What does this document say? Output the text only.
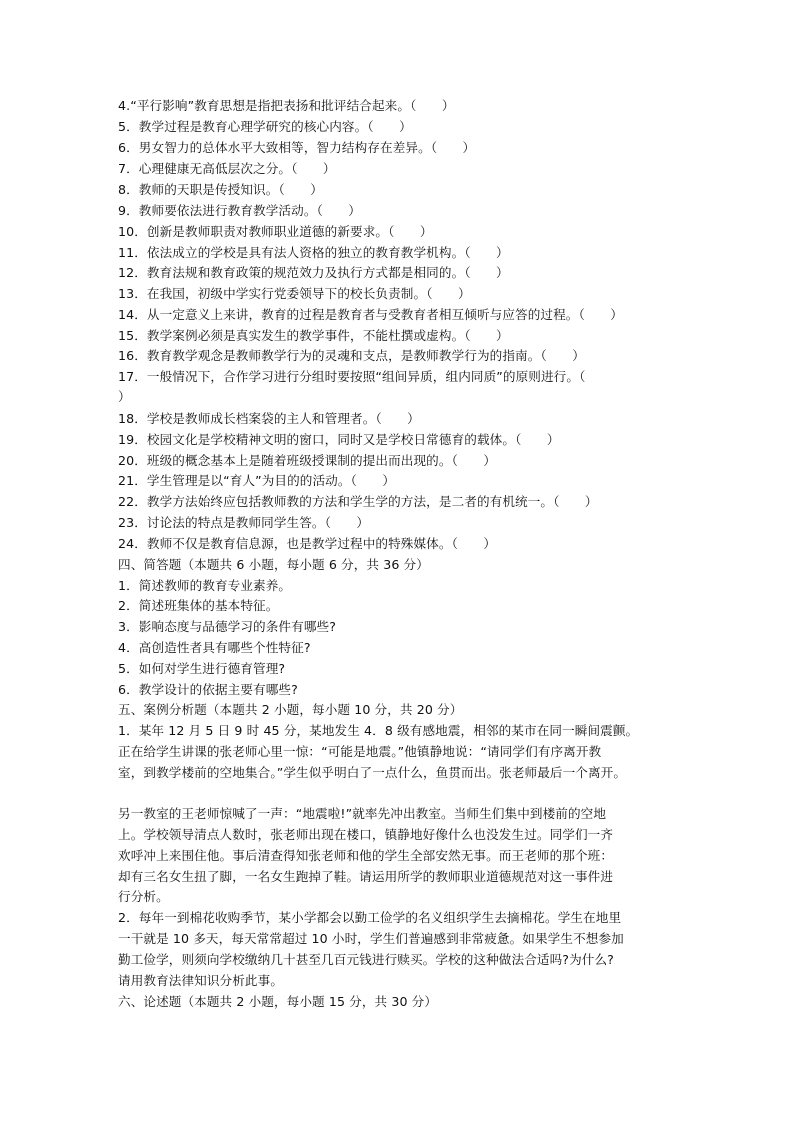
4.“平行影响”教育思想是指把表扬和批评结合起来。（　　）
5．教学过程是教育心理学研究的核心内容。（　　）
6．男女智力的总体水平大致相等，智力结构存在差异。（　　）
7．心理健康无高低层次之分。（　　）
8．教师的天职是传授知识。（　　）
9．教师要依法进行教育教学活动。（　　）
10．创新是教师职责对教师职业道德的新要求。（　　）
11．依法成立的学校是具有法人资格的独立的教育教学机构。（　　）
12．教育法规和教育政策的规范效力及执行方式都是相同的。（　　）
13．在我国，初级中学实行党委领导下的校长负责制。（　　）
14．从一定意义上来讲，教育的过程是教育者与受教育者相互倾听与应答的过程。（　　）
15．教学案例必须是真实发生的教学事件，不能杜撰或虚构。（　　）
16．教育教学观念是教师教学行为的灵魂和支点，是教师教学行为的指南。（　　）
17．一般情况下，合作学习进行分组时要按照“组间异质，组内同质”的原则进行。（
）
18．学校是教师成长档案袋的主人和管理者。（　　）
19．校园文化是学校精神文明的窗口，同时又是学校日常德育的载体。（　　）
20．班级的概念基本上是随着班级授课制的提出而出现的。（　　）
21．学生管理是以“育人”为目的的活动。（　　）
22．教学方法始终应包括教师教的方法和学生学的方法，是二者的有机统一。（　　）
23．讨论法的特点是教师同学生答。（　　）
24．教师不仅是教育信息源，也是教学过程中的特殊媒体。（　　）
四、简答题（本题共 6 小题，每小题 6 分，共 36 分）
1．简述教师的教育专业素养。
2．简述班集体的基本特征。
3．影响态度与品德学习的条件有哪些?
4．高创造性者具有哪些个性特征?
5．如何对学生进行德育管理?
6．教学设计的依据主要有哪些?
五、案例分析题（本题共 2 小题，每小题 10 分，共 20 分）
1．某年 12 月 5 日 9 时 45 分，某地发生 4．8 级有感地震，相邻的某市在同一瞬间震颤。
正在给学生讲课的张老师心里一惊：“可能是地震。”他镇静地说：“请同学们有序离开教
室，到教学楼前的空地集合。”学生似乎明白了一点什么，鱼贯而出。张老师最后一个离开。
另一教室的王老师惊喊了一声：“地震啦!”就率先冲出教室。当师生们集中到楼前的空地
上。学校领导清点人数时，张老师出现在楼口，镇静地好像什么也没发生过。同学们一齐
欢呼冲上来围住他。事后清查得知张老师和他的学生全部安然无事。而王老师的那个班：
却有三名女生扭了脚，一名女生跑掉了鞋。请运用所学的教师职业道德规范对这一事件进
行分析。
2．每年一到棉花收购季节，某小学都会以勤工俭学的名义组织学生去摘棉花。学生在地里
一干就是 10 多天，每天常常超过 10 小时，学生们普遍感到非常疲惫。如果学生不想参加
勤工俭学，则须向学校缴纳几十甚至几百元钱进行赎买。学校的这种做法合适吗?为什么?
请用教育法律知识分析此事。
六、论述题（本题共 2 小题，每小题 15 分，共 30 分）
